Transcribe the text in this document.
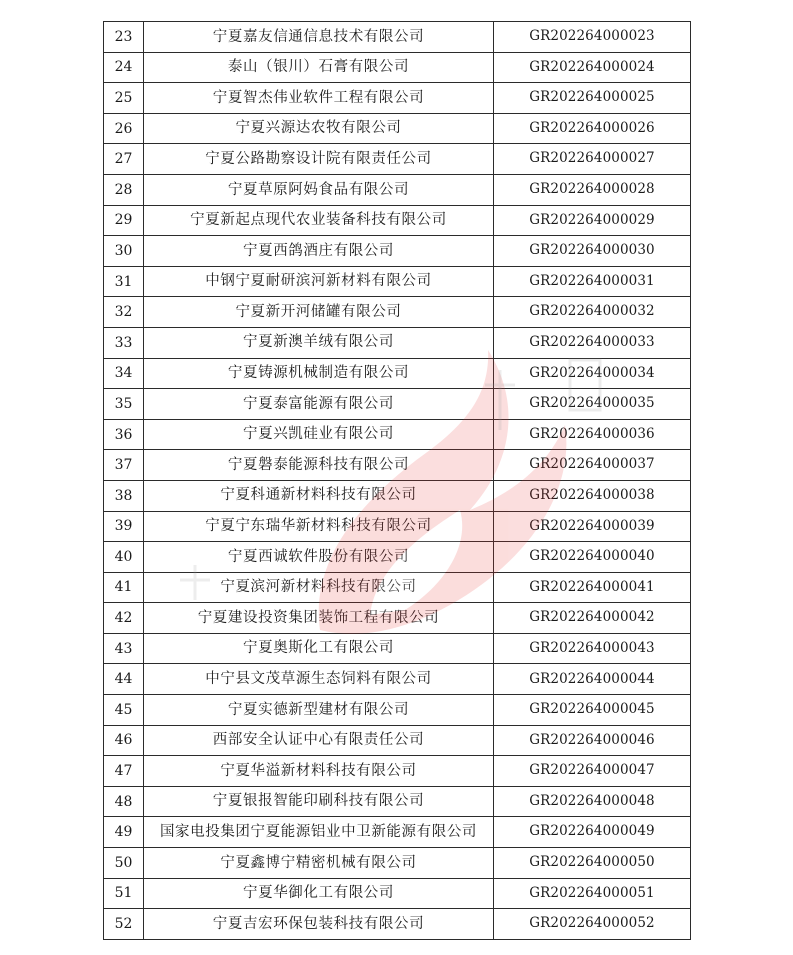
23	宁夏嘉友信通信息技术有限公司	GR202264000023
24	泰山（银川）石膏有限公司	GR202264000024
25	宁夏智杰伟业软件工程有限公司	GR202264000025
26	宁夏兴源达农牧有限公司	GR202264000026
27	宁夏公路勘察设计院有限责任公司	GR202264000027
28	宁夏草原阿妈食品有限公司	GR202264000028
29	宁夏新起点现代农业装备科技有限公司	GR202264000029
30	宁夏西鸽酒庄有限公司	GR202264000030
31	中钢宁夏耐研滨河新材料有限公司	GR202264000031
32	宁夏新开河储罐有限公司	GR202264000032
33	宁夏新澳羊绒有限公司	GR202264000033
34	宁夏铸源机械制造有限公司	GR202264000034
35	宁夏泰富能源有限公司	GR202264000035
36	宁夏兴凯硅业有限公司	GR202264000036
37	宁夏磐泰能源科技有限公司	GR202264000037
38	宁夏科通新材料科技有限公司	GR202264000038
39	宁夏宁东瑞华新材料科技有限公司	GR202264000039
40	宁夏西诚软件股份有限公司	GR202264000040
41	宁夏滨河新材料科技有限公司	GR202264000041
42	宁夏建设投资集团装饰工程有限公司	GR202264000042
43	宁夏奥斯化工有限公司	GR202264000043
44	中宁县文茂草源生态饲料有限公司	GR202264000044
45	宁夏实德新型建材有限公司	GR202264000045
46	西部安全认证中心有限责任公司	GR202264000046
47	宁夏华溢新材料科技有限公司	GR202264000047
48	宁夏银报智能印刷科技有限公司	GR202264000048
49	国家电投集团宁夏能源铝业中卫新能源有限公司	GR202264000049
50	宁夏鑫博宁精密机械有限公司	GR202264000050
51	宁夏华御化工有限公司	GR202264000051
52	宁夏吉宏环保包装科技有限公司	GR202264000052
